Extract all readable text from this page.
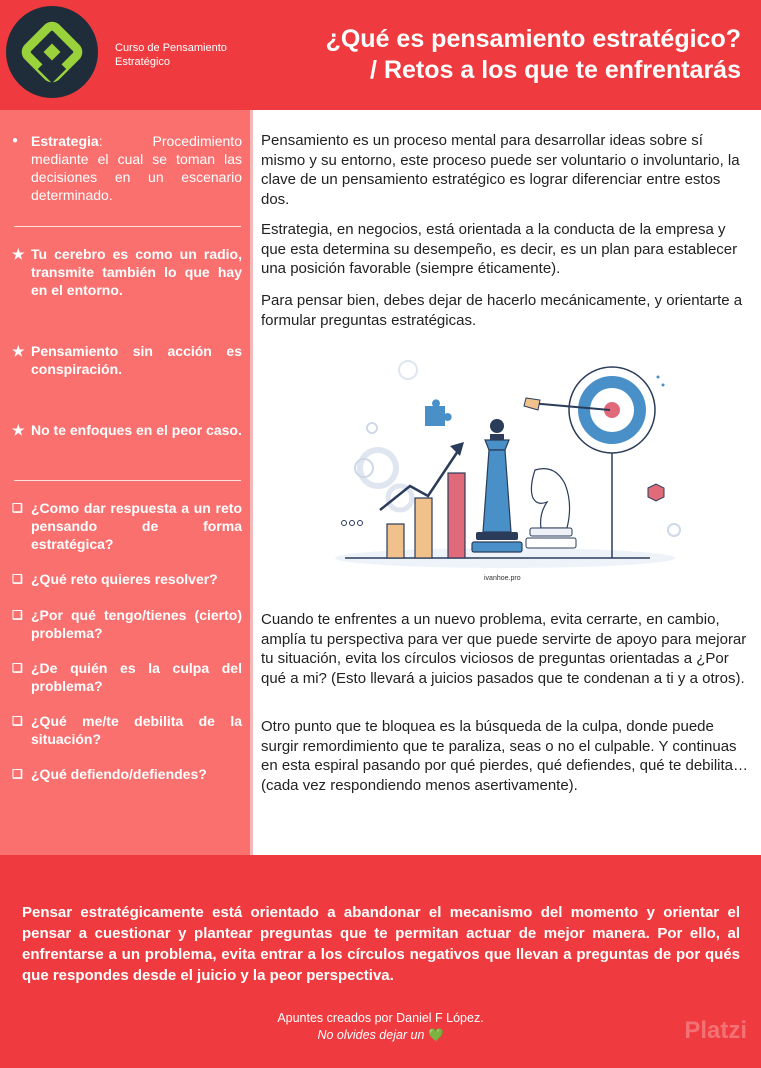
Curso de Pensamiento Estratégico
¿Qué es pensamiento estratégico?
/ Retos a los que te enfrentarás
● Estrategia: Procedimiento mediante el cual se toman las decisiones en un escenario determinado.
★ Tu cerebro es como un radio, transmite también lo que hay en el entorno.
★ Pensamiento sin acción es conspiración.
★ No te enfoques en el peor caso.
❑ ¿Como dar respuesta a un reto pensando de forma estratégica?
❑ ¿Qué reto quieres resolver?
❑ ¿Por qué tengo/tienes (cierto) problema?
❑ ¿De quién es la culpa del problema?
❑ ¿Qué me/te debilita de la situación?
❑ ¿Qué defiendo/defiendes?

Pensamiento es un proceso mental para desarrollar ideas sobre sí mismo y su entorno, este proceso puede ser voluntario o involuntario, la clave de un pensamiento estratégico es lograr diferenciar entre estos dos.

Estrategia, en negocios, está orientada a la conducta de la empresa y que esta determina su desempeño, es decir, es un plan para establecer una posición favorable (siempre éticamente).

Para pensar bien, debes dejar de hacerlo mecánicamente, y orientarte a formular preguntas estratégicas.

ivanhoe.pro

Cuando te enfrentes a un nuevo problema, evita cerrarte, en cambio, amplía tu perspectiva para ver que puede servirte de apoyo para mejorar tu situación, evita los círculos viciosos de preguntas orientadas a ¿Por qué a mi? (Esto llevará a juicios pasados que te condenan a ti y a otros).

Otro punto que te bloquea es la búsqueda de la culpa, donde puede surgir remordimiento que te paraliza, seas o no el culpable. Y continuas en esta espiral pasando por qué pierdes, qué defiendes, qué te debilita… (cada vez respondiendo menos asertivamente).

Pensar estratégicamente está orientado a abandonar el mecanismo del momento y orientar el pensar a cuestionar y plantear preguntas que te permitan actuar de mejor manera. Por ello, al enfrentarse a un problema, evita entrar a los círculos negativos que llevan a preguntas de por qués que respondes desde el juicio y la peor perspectiva.
Apuntes creados por Daniel F López.
No olvides dejar un 💚	Platzi
